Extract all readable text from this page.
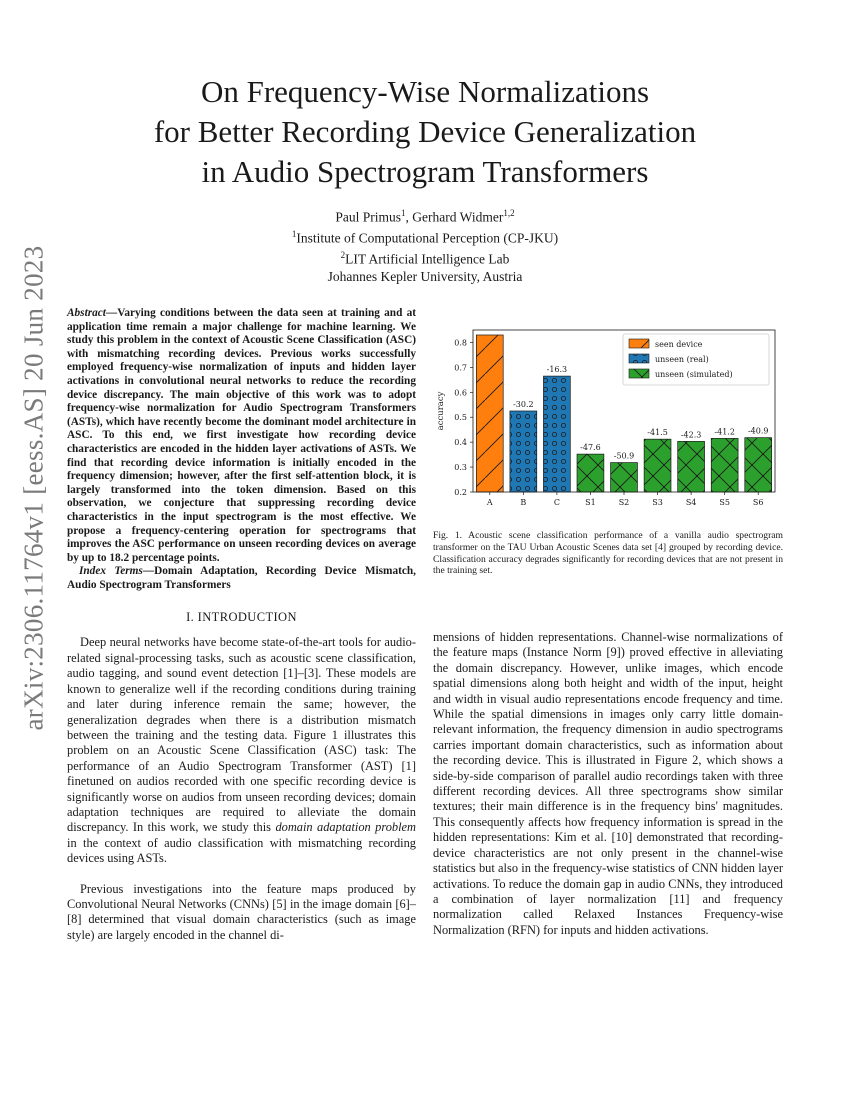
On Frequency-Wise Normalizations
for Better Recording Device Generalization
in Audio Spectrogram Transformers
Paul Primus$^1$, Gerhard Widmer$^{1,2}$
$^1$Institute of Computational Perception (CP-JKU)
$^2$LIT Artificial Intelligence Lab
Johannes Kepler University, Austria
arXiv:2306.11764v1 [eess.AS] 20 Jun 2023 Abstract—Varying conditions between the data seen at training and at application time remain a major challenge for machine learning. We study this problem in the context of Acoustic Scene Classification (ASC) with mismatching recording devices. Previous works successfully employed frequency-wise normalization of inputs and hidden layer activations in convolutional neural networks to reduce the recording device discrepancy. The main objective of this work was to adopt frequency-wise normalization for Audio Spectrogram Transformers (ASTs), which have recently become the dominant model architecture in ASC. To this end, we first investigate how recording device characteristics are encoded in the hidden layer activations of ASTs. We find that recording device information is initially encoded in the frequency dimension; however, after the first self-attention block, it is largely transformed into the token dimension. Based on this observation, we conjecture that suppressing recording device characteristics in the input spectrogram is the most effective. We propose a frequency-centering operation for spectrograms that improves the ASC performance on unseen recording devices on average by up to 18.2 percentage points.

Index Terms—Domain Adaptation, Recording Device Mismatch, Audio Spectrogram Transformers

I. INTRODUCTION

Deep neural networks have become state-of-the-art tools for audio-related signal-processing tasks, such as acoustic scene classification, audio tagging, and sound event detection [1]–[3]. These models are known to generalize well if the recording conditions during training and later during inference remain the same; however, the generalization degrades when there is a distribution mismatch between the training and the testing data. Figure 1 illustrates this problem on an Acoustic Scene Classification (ASC) task: The performance of an Audio Spectrogram Transformer (AST) [1] finetuned on audios recorded with one specific recording device is significantly worse on audios from unseen recording devices; domain adaptation techniques are required to alleviate the domain discrepancy. In this work, we study this domain adaptation problem in the context of audio classification with mismatching recording devices using ASTs.

Previous investigations into the feature maps produced by Convolutional Neural Networks (CNNs) [5] in the image domain [6]–[8] determined that visual domain characteristics (such as image style) are largely encoded in the channel di-

accuracy
0.2
0.3
0.4
0.5
0.6
0.7
0.8
A	B	C	S1	S2	S3	S4	S5	S6
-30.2
-16.3
-47.6
-50.9
-41.5 -42.3 -41.2 -40.9
seen device
unseen (real)
unseen (simulated)
Fig. 1. Acoustic scene classification performance of a vanilla audio spectrogram transformer on the TAU Urban Acoustic Scenes data set [4] grouped by recording device. Classification accuracy degrades significantly for recording devices that are not present in the training set.

mensions of hidden representations. Channel-wise normalizations of the feature maps (Instance Norm [9]) proved effective in alleviating the domain discrepancy. However, unlike images, which encode spatial dimensions along both height and width of the input, height and width in visual audio representations encode frequency and time. While the spatial dimensions in images only carry little domain-relevant information, the frequency dimension in audio spectrograms carries important domain characteristics, such as information about the recording device. This is illustrated in Figure 2, which shows a side-by-side comparison of parallel audio recordings taken with three different recording devices. All three spectrograms show similar textures; their main difference is in the frequency bins' magnitudes. This consequently affects how frequency information is spread in the hidden representations: Kim et al. [10] demonstrated that recording-device characteristics are not only present in the channel-wise statistics but also in the frequency-wise statistics of CNN hidden layer activations. To reduce the domain gap in audio CNNs, they introduced a combination of layer normalization [11] and frequency normalization called Relaxed Instances Frequency-wise Normalization (RFN) for inputs and hidden activations.
